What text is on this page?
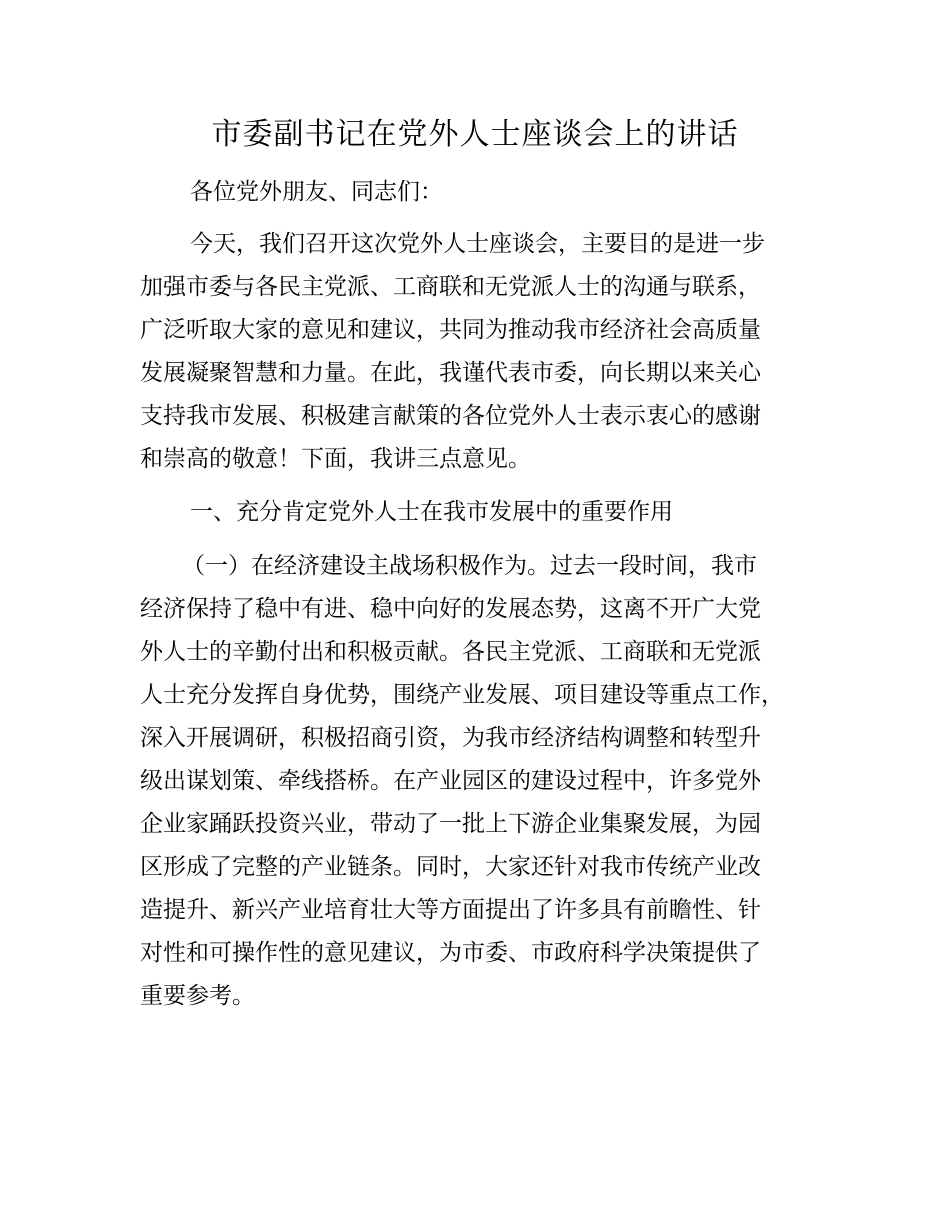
市委副书记在党外人士座谈会上的讲话

各位党外朋友、同志们：

今天，我们召开这次党外人士座谈会，主要目的是进一步

加强市委与各民主党派、工商联和无党派人士的沟通与联系，

广泛听取大家的意见和建议，共同为推动我市经济社会高质量

发展凝聚智慧和力量。在此，我谨代表市委，向长期以来关心

支持我市发展、积极建言献策的各位党外人士表示衷心的感谢

和崇高的敬意！下面，我讲三点意见。

一、充分肯定党外人士在我市发展中的重要作用

（一）在经济建设主战场积极作为。过去一段时间，我市

经济保持了稳中有进、稳中向好的发展态势，这离不开广大党

外人士的辛勤付出和积极贡献。各民主党派、工商联和无党派

人士充分发挥自身优势，围绕产业发展、项目建设等重点工作，

深入开展调研，积极招商引资，为我市经济结构调整和转型升

级出谋划策、牵线搭桥。在产业园区的建设过程中，许多党外

企业家踊跃投资兴业，带动了一批上下游企业集聚发展，为园

区形成了完整的产业链条。同时，大家还针对我市传统产业改

造提升、新兴产业培育壮大等方面提出了许多具有前瞻性、针

对性和可操作性的意见建议，为市委、市政府科学决策提供了

重要参考。
